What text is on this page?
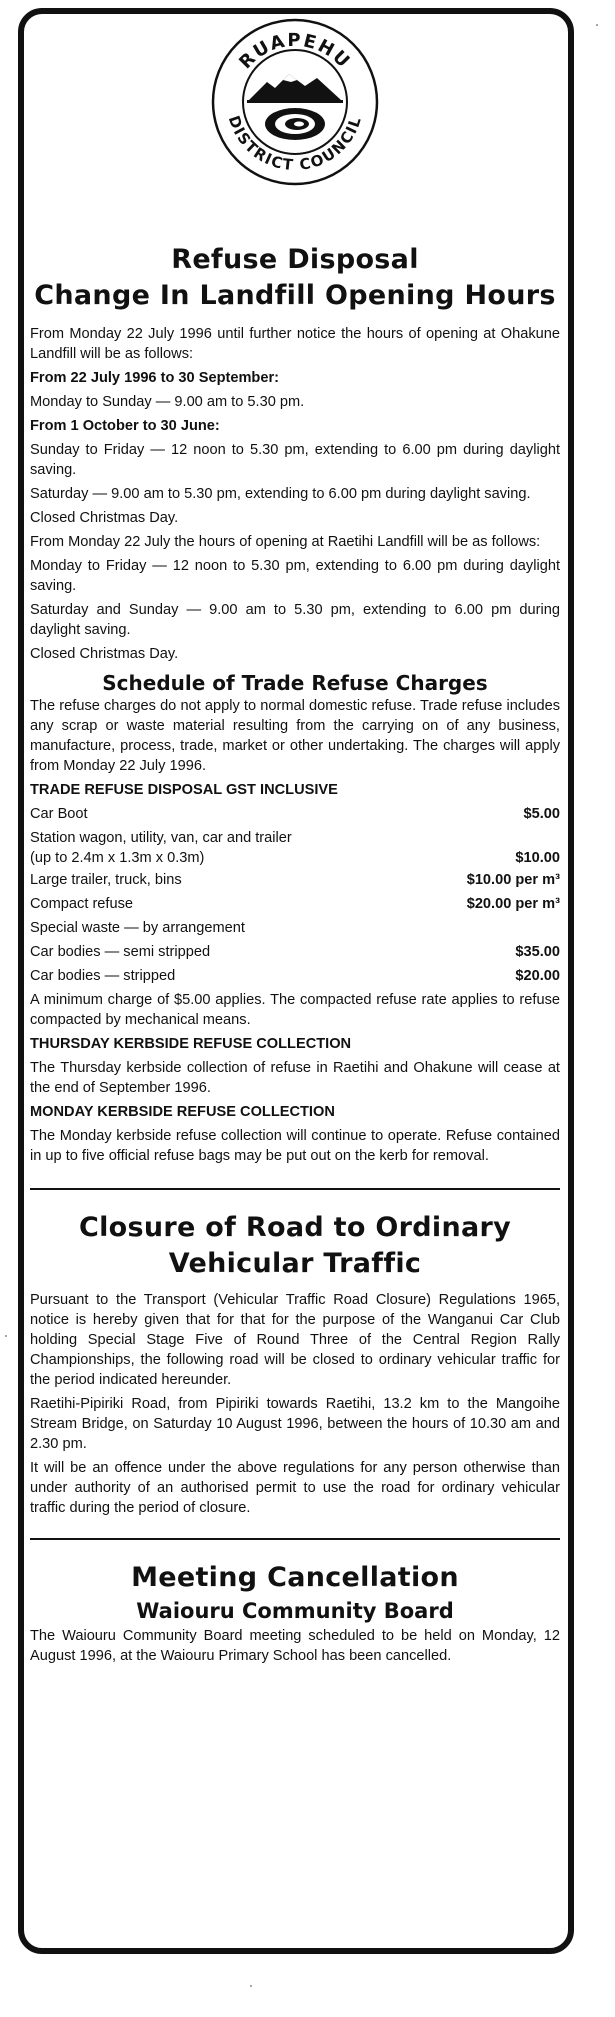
RUAPEHU
DISTRICT COUNCIL
Refuse Disposal
Change In Landfill Opening Hours

From Monday 22 July 1996 until further notice the hours of opening at Ohakune Landfill will be as follows:

From 22 July 1996 to 30 September:

Monday to Sunday — 9.00 am to 5.30 pm.

From 1 October to 30 June:

Sunday to Friday — 12 noon to 5.30 pm, extending to 6.00 pm during daylight saving.

Saturday — 9.00 am to 5.30 pm, extending to 6.00 pm during daylight saving.

Closed Christmas Day.

From Monday 22 July the hours of opening at Raetihi Landfill will be as follows:

Monday to Friday — 12 noon to 5.30 pm, extending to 6.00 pm during daylight saving.

Saturday and Sunday — 9.00 am to 5.30 pm, extending to 6.00 pm during daylight saving.

Closed Christmas Day.

Schedule of Trade Refuse Charges

The refuse charges do not apply to normal domestic refuse. Trade refuse includes any scrap or waste material resulting from the carrying on of any business, manufacture, process, trade, market or other undertaking. The charges will apply from Monday 22 July 1996.

TRADE REFUSE DISPOSAL GST INCLUSIVE

Car Boot	$5.00
Station wagon, utility, van, car and trailer
(up to 2.4m x 1.3m x 0.3m)	$10.00
Large trailer, truck, bins	$10.00 per m³
Compact refuse	$20.00 per m³
Special waste — by arrangement
Car bodies — semi stripped	$35.00
Car bodies — stripped	$20.00

A minimum charge of $5.00 applies. The compacted refuse rate applies to refuse compacted by mechanical means.

THURSDAY KERBSIDE REFUSE COLLECTION

The Thursday kerbside collection of refuse in Raetihi and Ohakune will cease at the end of September 1996.

MONDAY KERBSIDE REFUSE COLLECTION

The Monday kerbside refuse collection will continue to operate. Refuse contained in up to five official refuse bags may be put out on the kerb for removal.

Closure of Road to Ordinary
Vehicular Traffic

Pursuant to the Transport (Vehicular Traffic Road Closure) Regulations 1965, notice is hereby given that for that for the purpose of the Wanganui Car Club holding Special Stage Five of Round Three of the Central Region Rally Championships, the following road will be closed to ordinary vehicular traffic for the period indicated hereunder.

Raetihi-Pipiriki Road, from Pipiriki towards Raetihi, 13.2 km to the Mangoihe Stream Bridge, on Saturday 10 August 1996, between the hours of 10.30 am and 2.30 pm.

It will be an offence under the above regulations for any person otherwise than under authority of an authorised permit to use the road for ordinary vehicular traffic during the period of closure.

Meeting Cancellation
Waiouru Community Board

The Waiouru Community Board meeting scheduled to be held on Monday, 12 August 1996, at the Waiouru Primary School has been cancelled.
